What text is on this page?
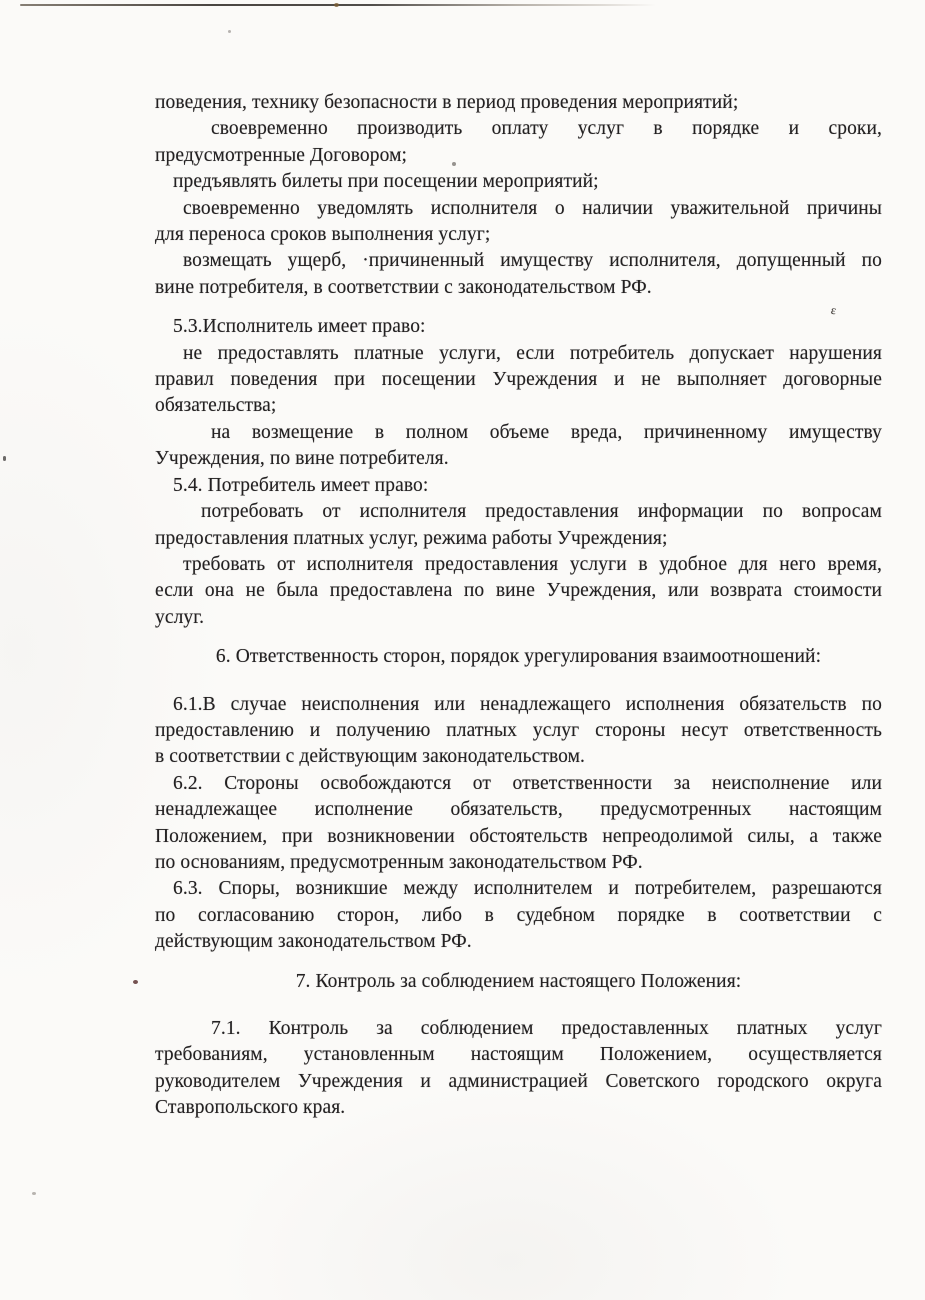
поведения, технику безопасности в период проведения мероприятий;
своевременно производить оплату услуг в порядке и сроки,
предусмотренные Договором;
предъявлять билеты при посещении мероприятий;
своевременно уведомлять исполнителя о наличии уважительной причины
для переноса сроков выполнения услуг;
возмещать ущерб, ·причиненный имуществу исполнителя, допущенный по
вине потребителя, в соответствии с законодательством РФ.
5.3.Исполнитель имеет право:
не предоставлять платные услуги, если потребитель допускает нарушения
правил поведения при посещении Учреждения и не выполняет договорные
обязательства;
на возмещение в полном объеме вреда, причиненному имуществу
Учреждения, по вине потребителя.
5.4. Потребитель имеет право:
потребовать от исполнителя предоставления информации по вопросам
предоставления платных услуг, режима работы Учреждения;
требовать от исполнителя предоставления услуги в удобное для него время,
если она не была предоставлена по вине Учреждения, или возврата стоимости
услуг.
6. Ответственность сторон, порядок урегулирования взаимоотношений:
6.1.В случае неисполнения или ненадлежащего исполнения обязательств по
предоставлению и получению платных услуг стороны несут ответственность
в соответствии с действующим законодательством.
6.2. Стороны освобождаются от ответственности за неисполнение или
ненадлежащее исполнение обязательств, предусмотренных настоящим
Положением, при возникновении обстоятельств непреодолимой силы, а также
по основаниям, предусмотренным законодательством РФ.
6.3. Споры, возникшие между исполнителем и потребителем, разрешаются
по согласованию сторон, либо в судебном порядке в соответствии с
действующим законодательством РФ.
7. Контроль за соблюдением настоящего Положения:
7.1. Контроль за соблюдением предоставленных платных услуг
требованиям, установленным настоящим Положением, осуществляется
руководителем Учреждения и администрацией Советского городского округа
Ставропольского края.
ε
